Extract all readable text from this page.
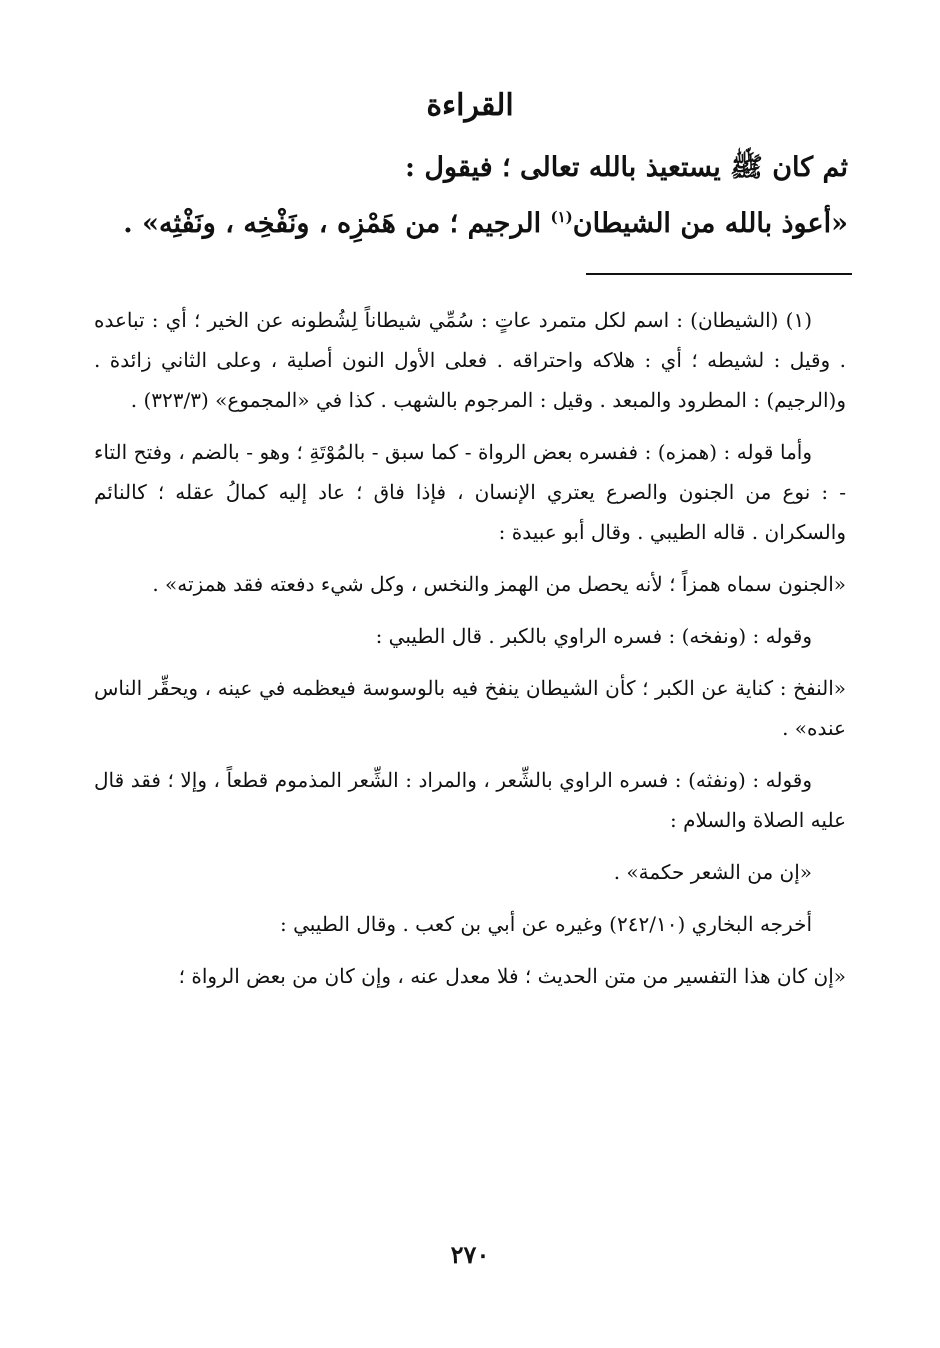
القراءة
ثم كان ﷺ يستعيذ بالله تعالى ؛ فيقول :
«أعوذ بالله من الشيطان$^{(١)}$ الرجيم ؛ من هَمْزِه ، ونَفْخِه ، ونَفْثِه» .

(١) (الشيطان) : اسم لكل متمرد عاتٍ : سُمِّي شيطاناً لِشُطونه عن الخير ؛ أي : تباعده . وقيل : لشيطه ؛ أي : هلاكه واحتراقه . فعلى الأول النون أصلية ، وعلى الثاني زائدة . و(الرجيم) : المطرود والمبعد . وقيل : المرجوم بالشهب . كذا في «المجموع» (٣٢٣/٣) .

وأما قوله : (همزه) : ففسره بعض الرواة - كما سبق - بالمُوْتَةِ ؛ وهو - بالضم ، وفتح التاء - : نوع من الجنون والصرع يعتري الإنسان ، فإذا فاق ؛ عاد إليه كمالُ عقله ؛ كالنائم والسكران . قاله الطيبي . وقال أبو عبيدة :

«الجنون سماه همزاً ؛ لأنه يحصل من الهمز والنخس ، وكل شيء دفعته فقد همزته» .

وقوله : (ونفخه) : فسره الراوي بالكبر . قال الطيبي :

«النفخ : كناية عن الكبر ؛ كأن الشيطان ينفخ فيه بالوسوسة فيعظمه في عينه ، ويحقِّر الناس عنده» .

وقوله : (ونفثه) : فسره الراوي بالشِّعر ، والمراد : الشِّعر المذموم قطعاً ، وإلا ؛ فقد قال عليه الصلاة والسلام :

«إن من الشعر حكمة» .

أخرجه البخاري (٢٤٢/١٠) وغيره عن أبي بن كعب . وقال الطيبي :

«إن كان هذا التفسير من متن الحديث ؛ فلا معدل عنه ، وإن كان من بعض الرواة ؛

٢٧٠
